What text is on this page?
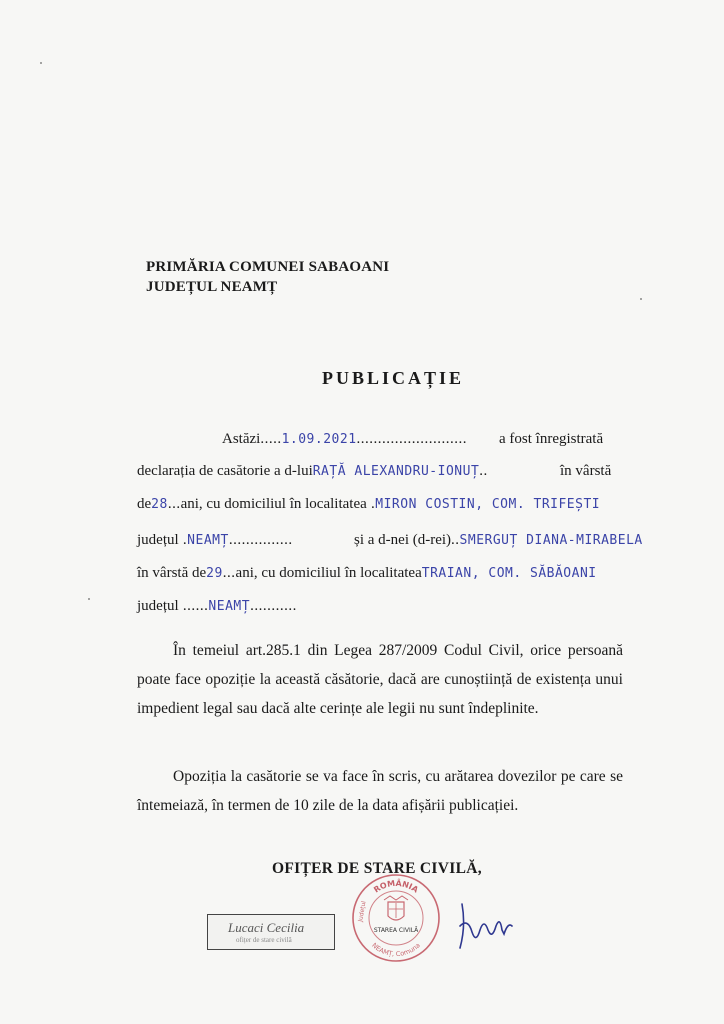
PRIMĂRIA COMUNEI SABAOANI
JUDEȚUL NEAMȚ
PUBLICAȚIE
Astăzi.....1.09.2021.......................... a fost înregistrată
declarația de casătorie a d-luiRAȚĂ ALEXANDRU-IONUȚ..	în vârstă
de28...ani, cu domiciliul în localitatea .MIRON COSTIN, COM. TRIFEȘTI
județul .NEAMȚ...............	și a d-nei (d-rei)..SMERGUȚ DIANA-MIRABELA
în vârstă de29...ani, cu domiciliul în localitateaTRAIAN, COM. SĂBĂOANI
județul ......NEAMȚ...........
În temeiul art.285.1 din Legea 287/2009 Codul Civil, orice persoană poate face opoziție la această căsătorie, dacă are cunoștiință de existența unui impedient legal sau dacă alte cerințe ale legii nu sunt îndeplinite.
Opoziția la casătorie se va face în scris, cu arătarea dovezilor pe care se întemeiază, în termen de 10 zile de la data afișării publicației.
OFIȚER DE STARE CIVILĂ,
Lucaci Cecilia
ofițer de stare civilă
ROMÂNIA
NEAMȚ, Comuna
Județul
STAREA CIVILĂ
